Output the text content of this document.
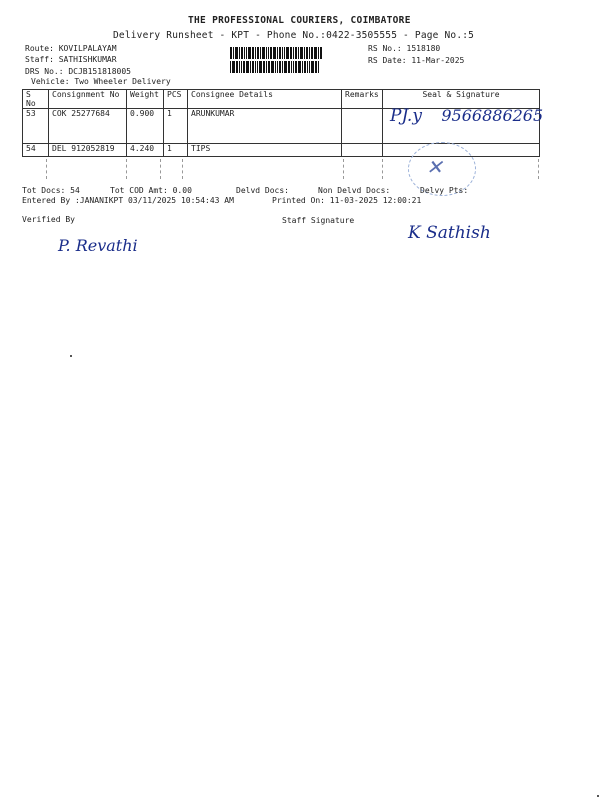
THE PROFESSIONAL COURIERS, COIMBATORE
Delivery Runsheet - KPT - Phone No.:0422-3505555 - Page No.:5
Route: KOVILPALAYAM
Staff: SATHISHKUMAR
DRS No.: DCJB151818005
Vehicle: Two Wheeler Delivery
RS No.: 1518180
RS Date: 11-Mar-2025
S No	Consignment No	Weight	PCS	Consignee Details	Remarks	Seal & Signature
53	COK 25277684	0.900	1	ARUNKUMAR		
54	DEL 912052819	4.240	1	TIPS		
✕
PJ.y 9566886265
Tot Docs: 54	Tot COD Amt: 0.00	Delvd Docs:	Non Delvd Docs:	Delvy Pts:
Entered By :JANANIKPT 03/11/2025 10:54:43 AM	Printed On: 11-03-2025 12:00:21
Verified By	Staff Signature
P. Revathi
K Sathish
